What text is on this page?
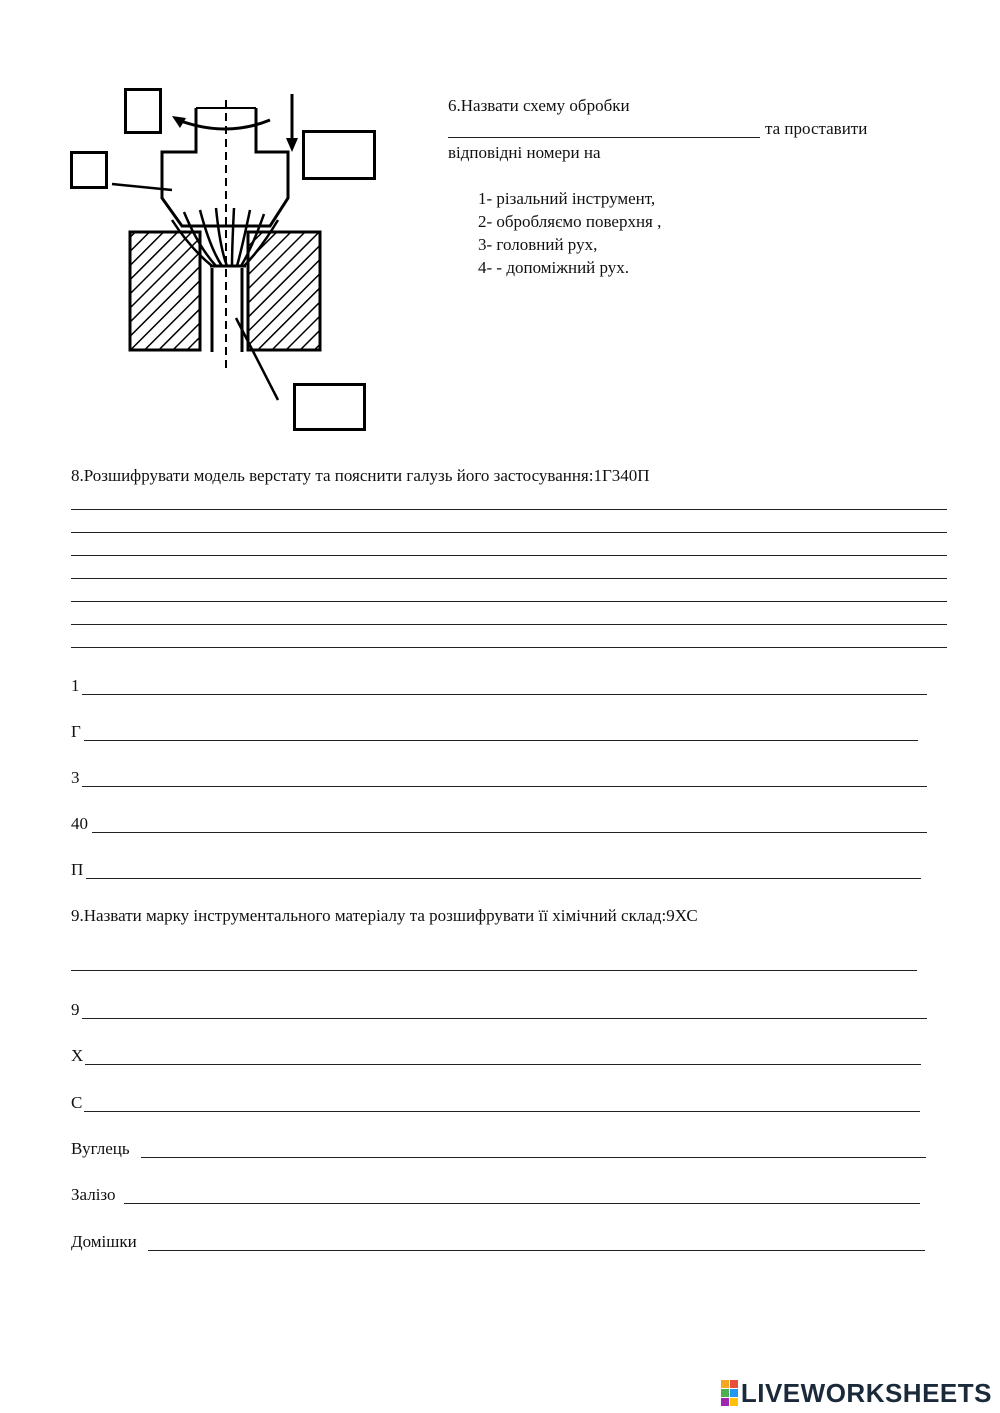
6.Назвати схему обробки
та проставити
відповідні номери на
1- різальний інструмент,
2- обробляємо поверхня ,
3- головний рух,
4- - допоміжний рух.
8.Розшифрувати модель верстату та пояснити галузь його застосування:1Г340П
1
Г
3
40
П
9.Назвати марку інструментального матеріалу та розшифрувати її хімічний склад:9ХС
9
Х
С
Вуглець
Залізо
Домішки
LIVEWORKSHEETS
